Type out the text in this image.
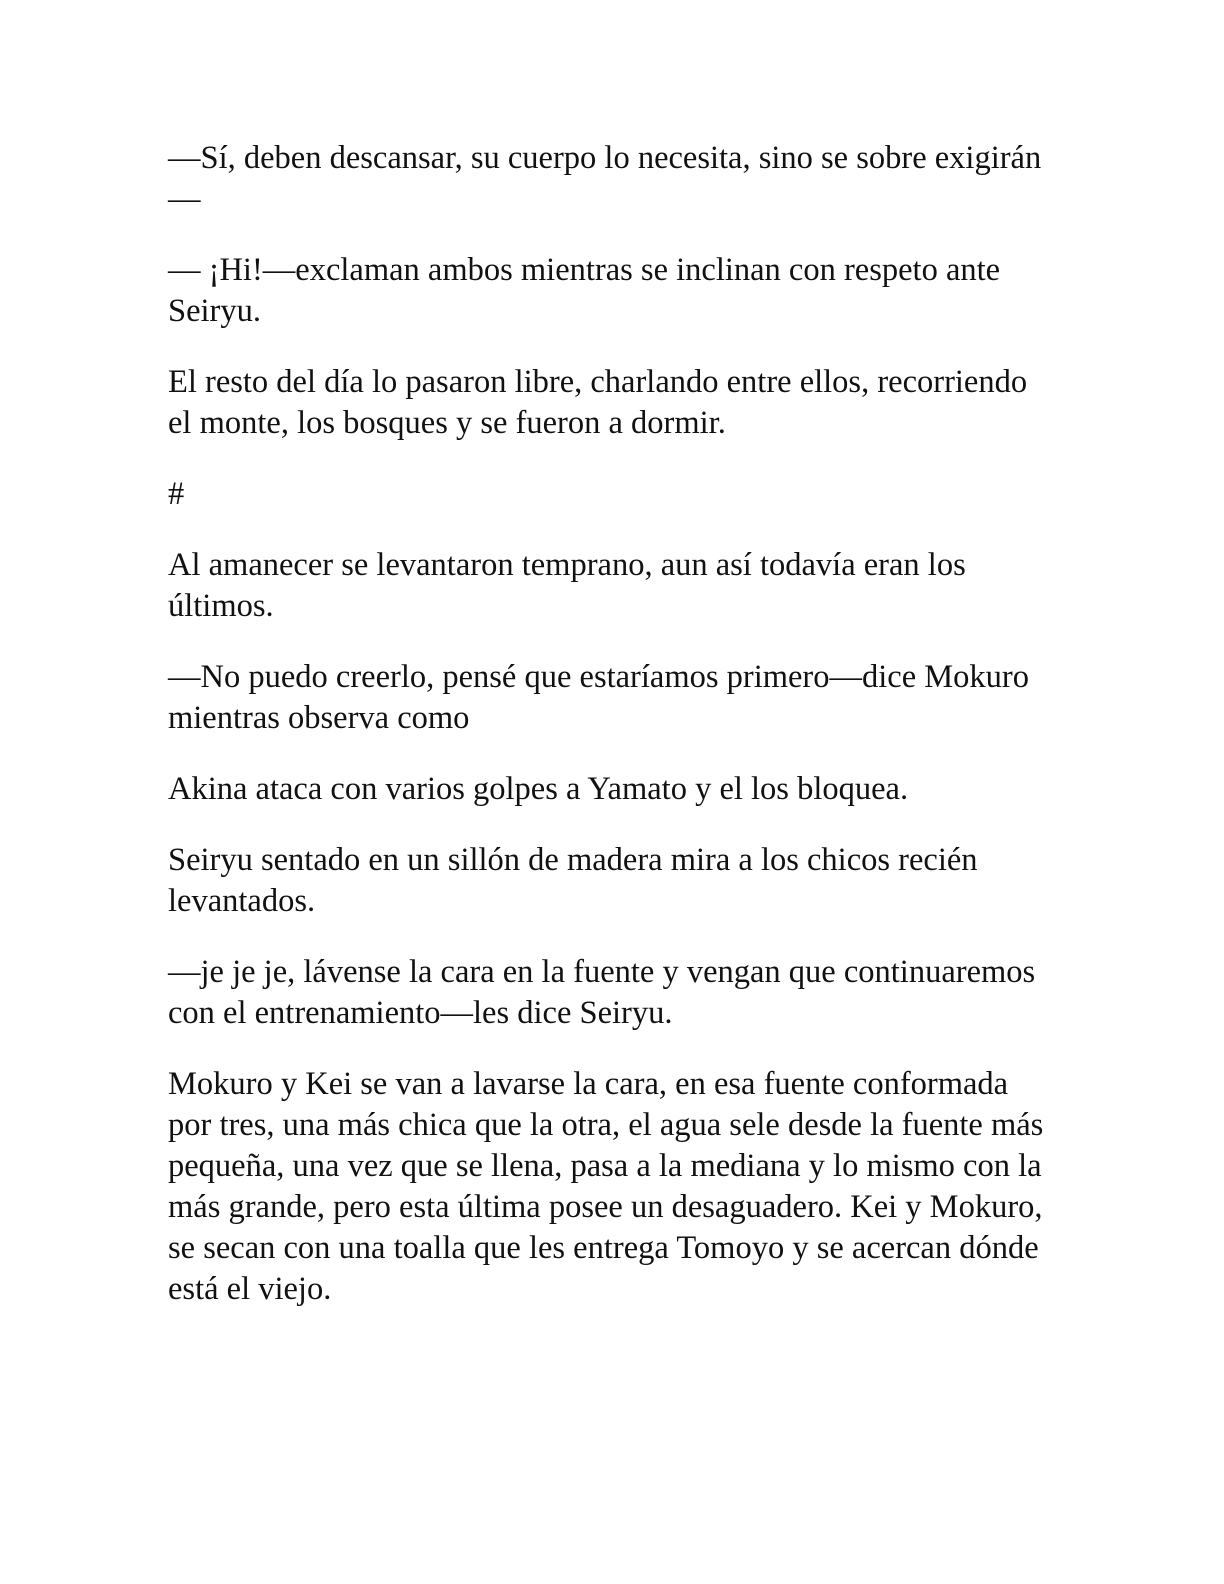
—Sí, deben descansar, su cuerpo lo necesita, sino se sobre exigirán—

— ¡Hi!—exclaman ambos mientras se inclinan con respeto ante Seiryu.

El resto del día lo pasaron libre, charlando entre ellos, recorriendo el monte, los bosques y se fueron a dormir.

#

Al amanecer se levantaron temprano, aun así todavía eran los últimos.

—No puedo creerlo, pensé que estaríamos primero—dice Mokuro mientras observa como

Akina ataca con varios golpes a Yamato y el los bloquea.

Seiryu sentado en un sillón de madera mira a los chicos recién levantados.

—je je je, lávense la cara en la fuente y vengan que continuaremos con el entrenamiento—les dice Seiryu.

Mokuro y Kei se van a lavarse la cara, en esa fuente conformada por tres, una más chica que la otra, el agua sele desde la fuente más pequeña, una vez que se llena, pasa a la mediana y lo mismo con la más grande, pero esta última posee un desaguadero. Kei y Mokuro, se secan con una toalla que les entrega Tomoyo y se acercan dónde está el viejo.
